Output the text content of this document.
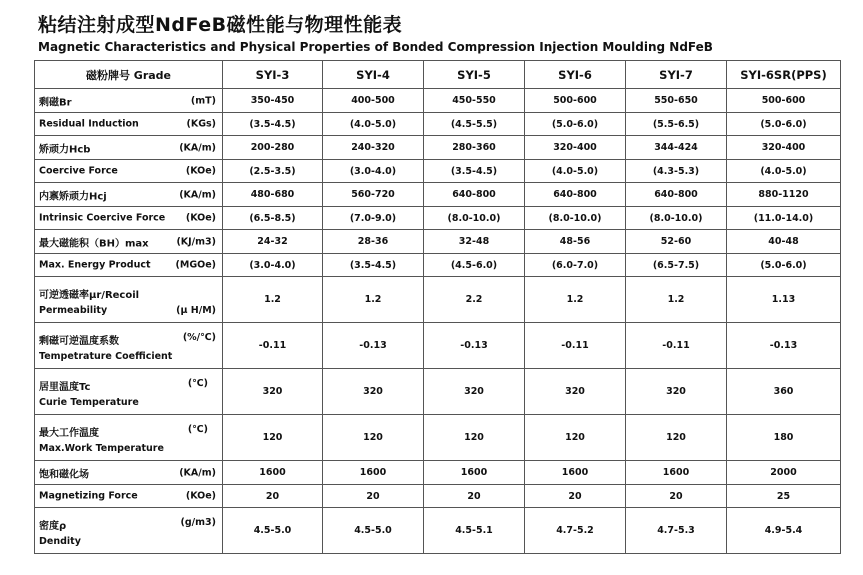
粘结注射成型NdFeB磁性能与物理性能表
Magnetic Characteristics and Physical Properties of Bonded Compression Injection Moulding NdFeB
磁粉牌号 Grade	SYI-3	SYI-4	SYI-5	SYI-6	SYI-7	SYI-6SR(PPS)

剩磁Br (mT)	350-450	400-500	450-550	500-600	550-650	500-600

Residual Induction (KGs)	(3.5-4.5)	(4.0-5.0)	(4.5-5.5)	(5.0-6.0)	(5.5-6.5)	(5.0-6.0)

矫顽力Hcb (KA/m)	200-280	240-320	280-360	320-400	344-424	320-400

Coercive Force (KOe)	(2.5-3.5)	(3.0-4.0)	(3.5-4.5)	(4.0-5.0)	(4.3-5.3)	(4.0-5.0)

内禀矫顽力Hcj (KA/m)	480-680	560-720	640-800	640-800	640-800	880-1120

Intrinsic Coercive Force (KOe)	(6.5-8.5)	(7.0-9.0)	(8.0-10.0)	(8.0-10.0)	(8.0-10.0)	(11.0-14.0)

最大磁能积（BH）max (KJ/m3)	24-32	28-36	32-48	48-56	52-60	40-48

Max. Energy Product (MGOe)	(3.0-4.0)	(3.5-4.5)	(4.5-6.0)	(6.0-7.0)	(6.5-7.5)	(5.0-6.0)

可逆透磁率μr/Recoil
Permeability (μ H/M)	1.2	1.2	2.2	1.2	1.2	1.13

剩磁可逆温度系数 (%/℃)
Tempetrature Coefficient	-0.11	-0.13	-0.13	-0.11	-0.11	-0.13

居里温度Tc (℃)
Curie Temperature	320	320	320	320	320	360

最大工作温度 (℃)
Max.Work Temperature	120	120	120	120	120	180

饱和磁化场 (KA/m)	1600	1600	1600	1600	1600	2000

Magnetizing Force (KOe)	20	20	20	20	20	25

密度ρ (g/m3)
Dendity	4.5-5.0	4.5-5.0	4.5-5.1	4.7-5.2	4.7-5.3	4.9-5.4
